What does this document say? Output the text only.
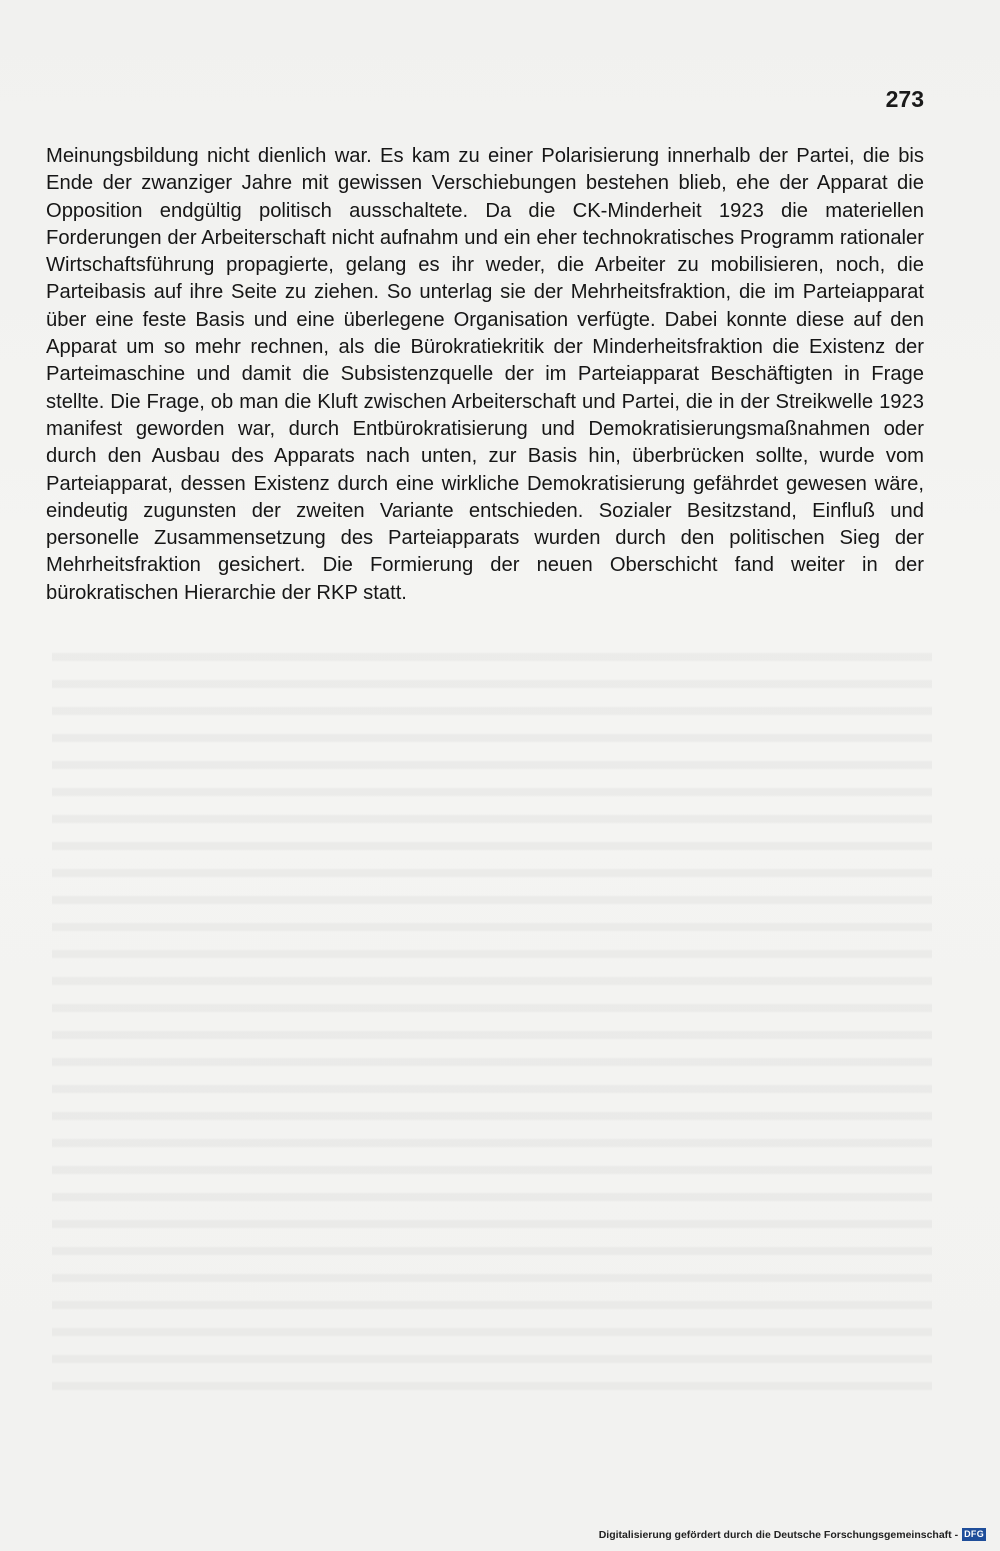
273

Meinungsbildung nicht dienlich war. Es kam zu einer Polarisierung innerhalb der Partei, die bis Ende der zwanziger Jahre mit gewissen Verschiebungen bestehen blieb, ehe der Apparat die Opposition endgültig politisch ausschaltete. Da die CK-Minderheit 1923 die materiellen Forderungen der Arbeiterschaft nicht aufnahm und ein eher technokratisches Programm rationaler Wirtschaftsführung propagierte, gelang es ihr weder, die Arbeiter zu mobilisieren, noch, die Parteibasis auf ihre Seite zu ziehen. So unterlag sie der Mehrheitsfraktion, die im Parteiapparat über eine feste Basis und eine überlegene Organisation verfügte. Dabei konnte diese auf den Apparat um so mehr rechnen, als die Bürokratiekritik der Minderheitsfraktion die Existenz der Parteimaschine und damit die Subsistenzquelle der im Parteiapparat Beschäftigten in Frage stellte. Die Frage, ob man die Kluft zwischen Arbeiterschaft und Partei, die in der Streikwelle 1923 manifest geworden war, durch Entbürokratisierung und Demokratisierungsmaßnahmen oder durch den Ausbau des Apparats nach unten, zur Basis hin, überbrücken sollte, wurde vom Parteiapparat, dessen Existenz durch eine wirkliche Demokratisierung gefährdet gewesen wäre, eindeutig zugunsten der zweiten Variante entschieden. Sozialer Besitzstand, Einfluß und personelle Zusammensetzung des Parteiapparats wurden durch den politischen Sieg der Mehrheitsfraktion gesichert. Die Formierung der neuen Oberschicht fand weiter in der bürokratischen Hierarchie der RKP statt.

Digitalisierung gefördert durch die Deutsche Forschungsgemeinschaft - DFG
